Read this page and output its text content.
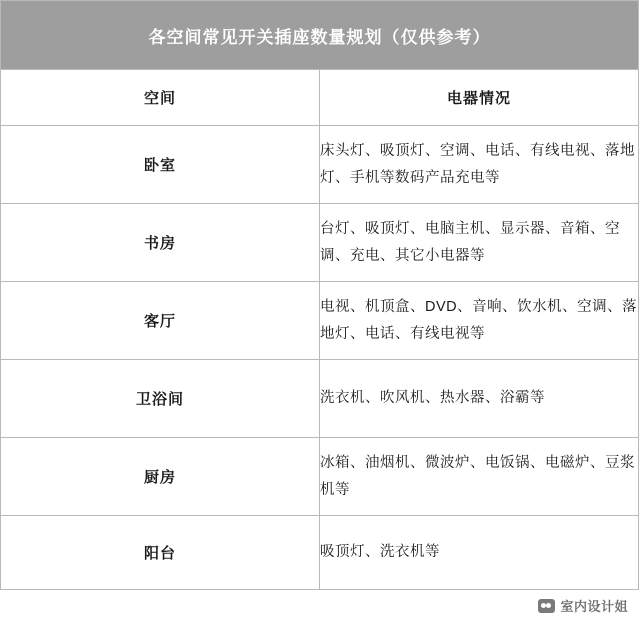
各空间常见开关插座数量规划（仅供参考）	
空间	电器情况
卧室	床头灯、吸顶灯、空调、电话、有线电视、落地灯、手机等数码产品充电等
书房	台灯、吸顶灯、电脑主机、显示器、音箱、空调、充电、其它小电器等
客厅	电视、机顶盒、DVD、音响、饮水机、空调、落地灯、电话、有线电视等
卫浴间	洗衣机、吹风机、热水器、浴霸等
厨房	冰箱、油烟机、微波炉、电饭锅、电磁炉、豆浆机等
阳台	吸顶灯、洗衣机等
室内设计姐
